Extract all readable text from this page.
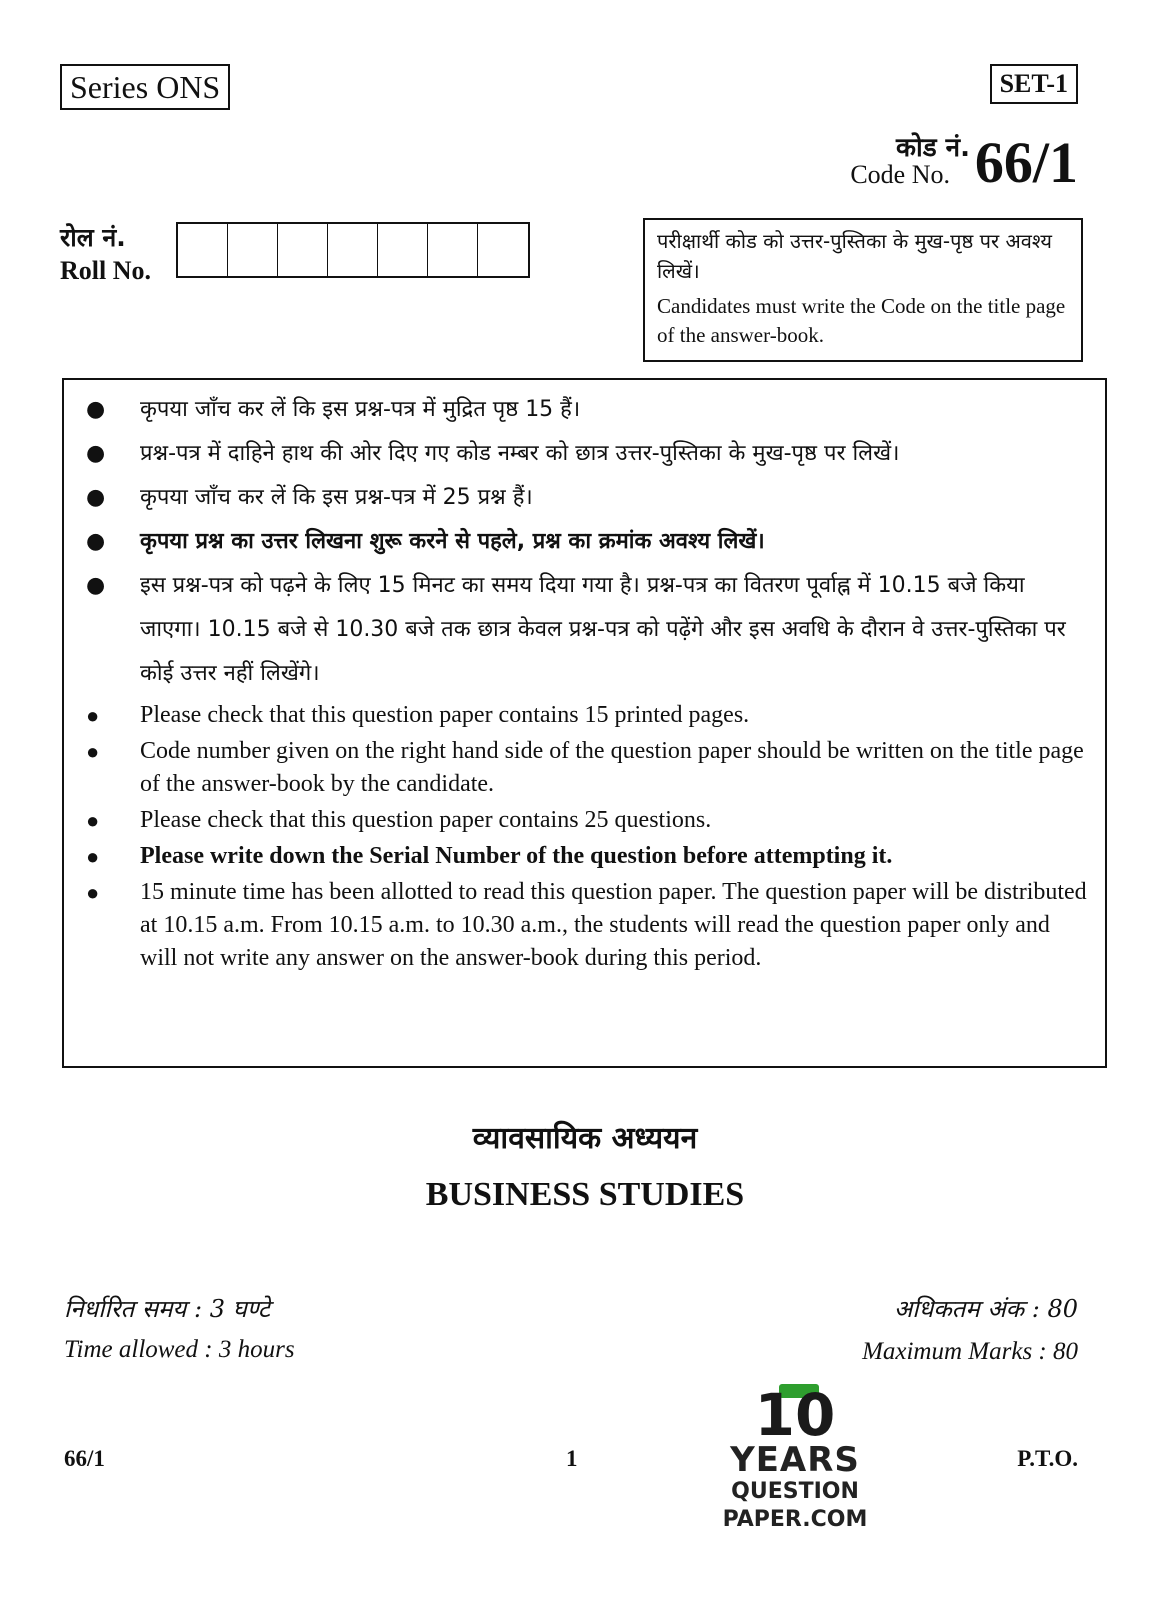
Series ONS	SET-1
कोड नं.
Code No. 66/1
रोल नं.
Roll No.
परीक्षार्थी कोड को उत्तर-पुस्तिका के मुख-पृष्ठ पर अवश्य लिखें।
Candidates must write the Code on the title page of the answer-book.
● कृपया जाँच कर लें कि इस प्रश्न-पत्र में मुद्रित पृष्ठ 15 हैं।
● प्रश्न-पत्र में दाहिने हाथ की ओर दिए गए कोड नम्बर को छात्र उत्तर-पुस्तिका के मुख-पृष्ठ पर लिखें।
● कृपया जाँच कर लें कि इस प्रश्न-पत्र में 25 प्रश्न हैं।
● कृपया प्रश्न का उत्तर लिखना शुरू करने से पहले, प्रश्न का क्रमांक अवश्य लिखें।
● इस प्रश्न-पत्र को पढ़ने के लिए 15 मिनट का समय दिया गया है। प्रश्न-पत्र का वितरण पूर्वाह्न में 10.15 बजे किया जाएगा। 10.15 बजे से 10.30 बजे तक छात्र केवल प्रश्न-पत्र को पढ़ेंगे और इस अवधि के दौरान वे उत्तर-पुस्तिका पर कोई उत्तर नहीं लिखेंगे।
● Please check that this question paper contains 15 printed pages.
● Code number given on the right hand side of the question paper should be written on the title page of the answer-book by the candidate.
● Please check that this question paper contains 25 questions.
● Please write down the Serial Number of the question before attempting it.
● 15 minute time has been allotted to read this question paper. The question paper will be distributed at 10.15 a.m. From 10.15 a.m. to 10.30 a.m., the students will read the question paper only and will not write any answer on the answer-book during this period.
व्यावसायिक अध्ययन
BUSINESS STUDIES
निर्धारित समय : 3 घण्टे
Time allowed : 3 hours
अधिकतम अंक : 80
Maximum Marks : 80
10
YEARS
QUESTION PAPER.COM
66/1	1	P.T.O.
